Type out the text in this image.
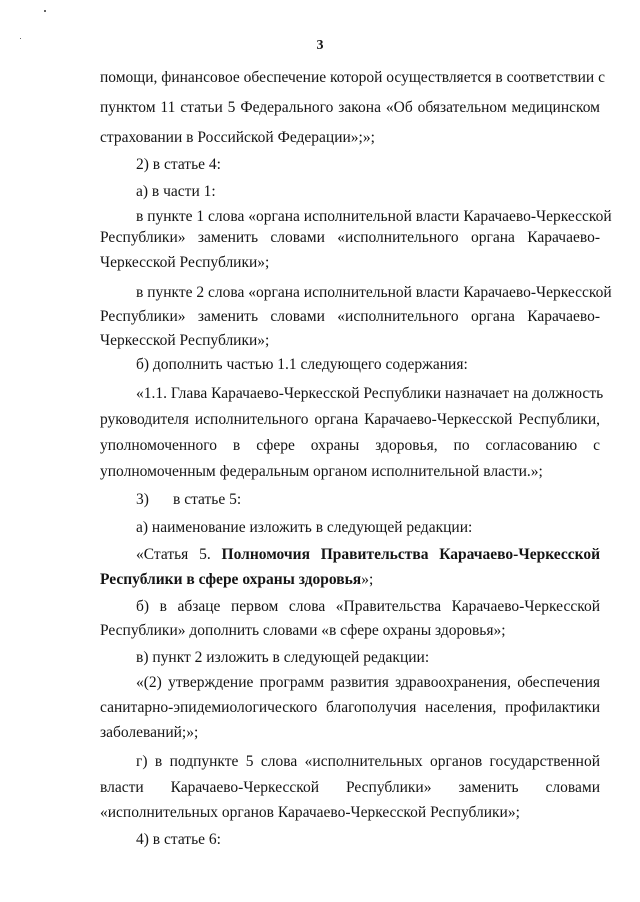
3
помощи, финансовое обеспечение которой осуществляется в соответствии с
пунктом 11 статьи 5 Федерального закона «Об обязательном медицинском
страховании в Российской Федерации»;»;
2) в статье 4:
а) в части 1:
в пункте 1 слова «органа исполнительной власти Карачаево-Черкесской
Республики» заменить словами «исполнительного органа Карачаево-
Черкесской Республики»;
в пункте 2 слова «органа исполнительной власти Карачаево-Черкесской
Республики» заменить словами «исполнительного органа Карачаево-
Черкесской Республики»;
б) дополнить частью 1.1 следующего содержания:
«1.1. Глава Карачаево-Черкесской Республики назначает на должность
руководителя исполнительного органа Карачаево-Черкесской Республики,
уполномоченного в сфере охраны здоровья, по согласованию с
уполномоченным федеральным органом исполнительной власти.»;
3) в статье 5:
а) наименование изложить в следующей редакции:
«Статья 5. Полномочия Правительства Карачаево-Черкесской
Республики в сфере охраны здоровья»;
б) в абзаце первом слова «Правительства Карачаево-Черкесской
Республики» дополнить словами «в сфере охраны здоровья»;
в) пункт 2 изложить в следующей редакции:
«(2) утверждение программ развития здравоохранения, обеспечения
санитарно-эпидемиологического благополучия населения, профилактики
заболеваний;»;
г) в подпункте 5 слова «исполнительных органов государственной
власти Карачаево-Черкесской Республики» заменить словами
«исполнительных органов Карачаево-Черкесской Республики»;
4) в статье 6:
